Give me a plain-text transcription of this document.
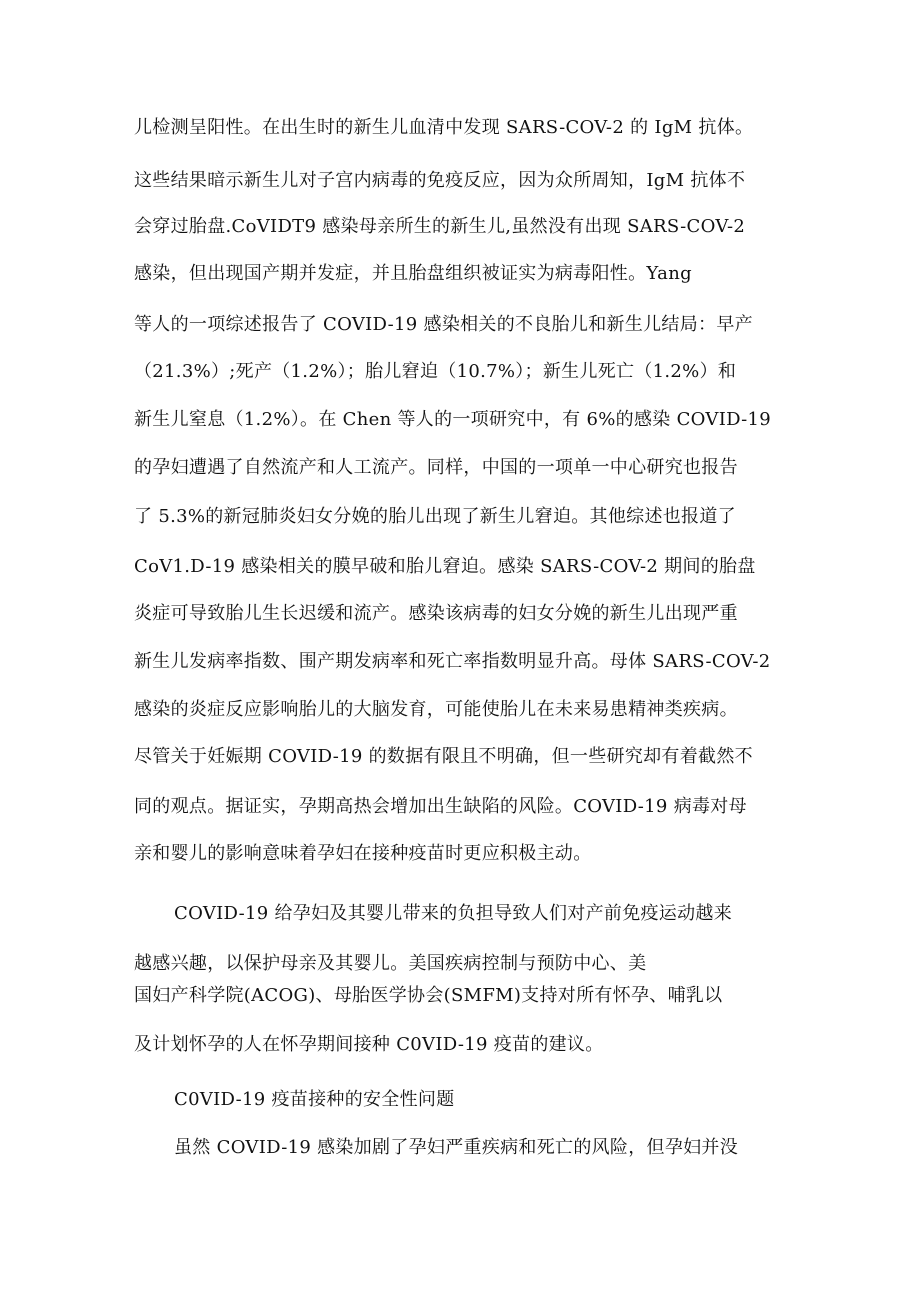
儿检测呈阳性。在出生时的新生儿血清中发现 SARS-COV-2 的 IgM 抗体。
这些结果暗示新生儿对子宫内病毒的免疫反应，因为众所周知，IgM 抗体不
会穿过胎盘.CoVIDT9 感染母亲所生的新生儿,虽然没有出现 SARS-COV-2
感染，但出现国产期并发症，并且胎盘组织被证实为病毒阳性。Yang
等人的一项综述报告了 COVID-19 感染相关的不良胎儿和新生儿结局：早产
（21.3%）;死产（1.2%）；胎儿窘迫（10.7%）；新生儿死亡（1.2%）和
新生儿窒息（1.2%）。在 Chen 等人的一项研究中，有 6%的感染 COVID-19
的孕妇遭遇了自然流产和人工流产。同样，中国的一项单一中心研究也报告
了 5.3%的新冠肺炎妇女分娩的胎儿出现了新生儿窘迫。其他综述也报道了
CoV1.D-19 感染相关的膜早破和胎儿窘迫。感染 SARS-COV-2 期间的胎盘
炎症可导致胎儿生长迟缓和流产。感染该病毒的妇女分娩的新生儿出现严重
新生儿发病率指数、围产期发病率和死亡率指数明显升高。母体 SARS-COV-2
感染的炎症反应影响胎儿的大脑发育，可能使胎儿在未来易患精神类疾病。
尽管关于妊娠期 COVID-19 的数据有限且不明确，但一些研究却有着截然不
同的观点。据证实，孕期高热会增加出生缺陷的风险。COVID-19 病毒对母
亲和婴儿的影响意味着孕妇在接种疫苗时更应积极主动。
COVID-19 给孕妇及其婴儿带来的负担导致人们对产前免疫运动越来
越感兴趣，以保护母亲及其婴儿。美国疾病控制与预防中心、美
国妇产科学院(ACOG)、母胎医学协会(SMFM)支持对所有怀孕、哺乳以
及计划怀孕的人在怀孕期间接种 C0VID-19 疫苗的建议。
C0VID-19 疫苗接种的安全性问题
虽然 COVID-19 感染加剧了孕妇严重疾病和死亡的风险，但孕妇并没
